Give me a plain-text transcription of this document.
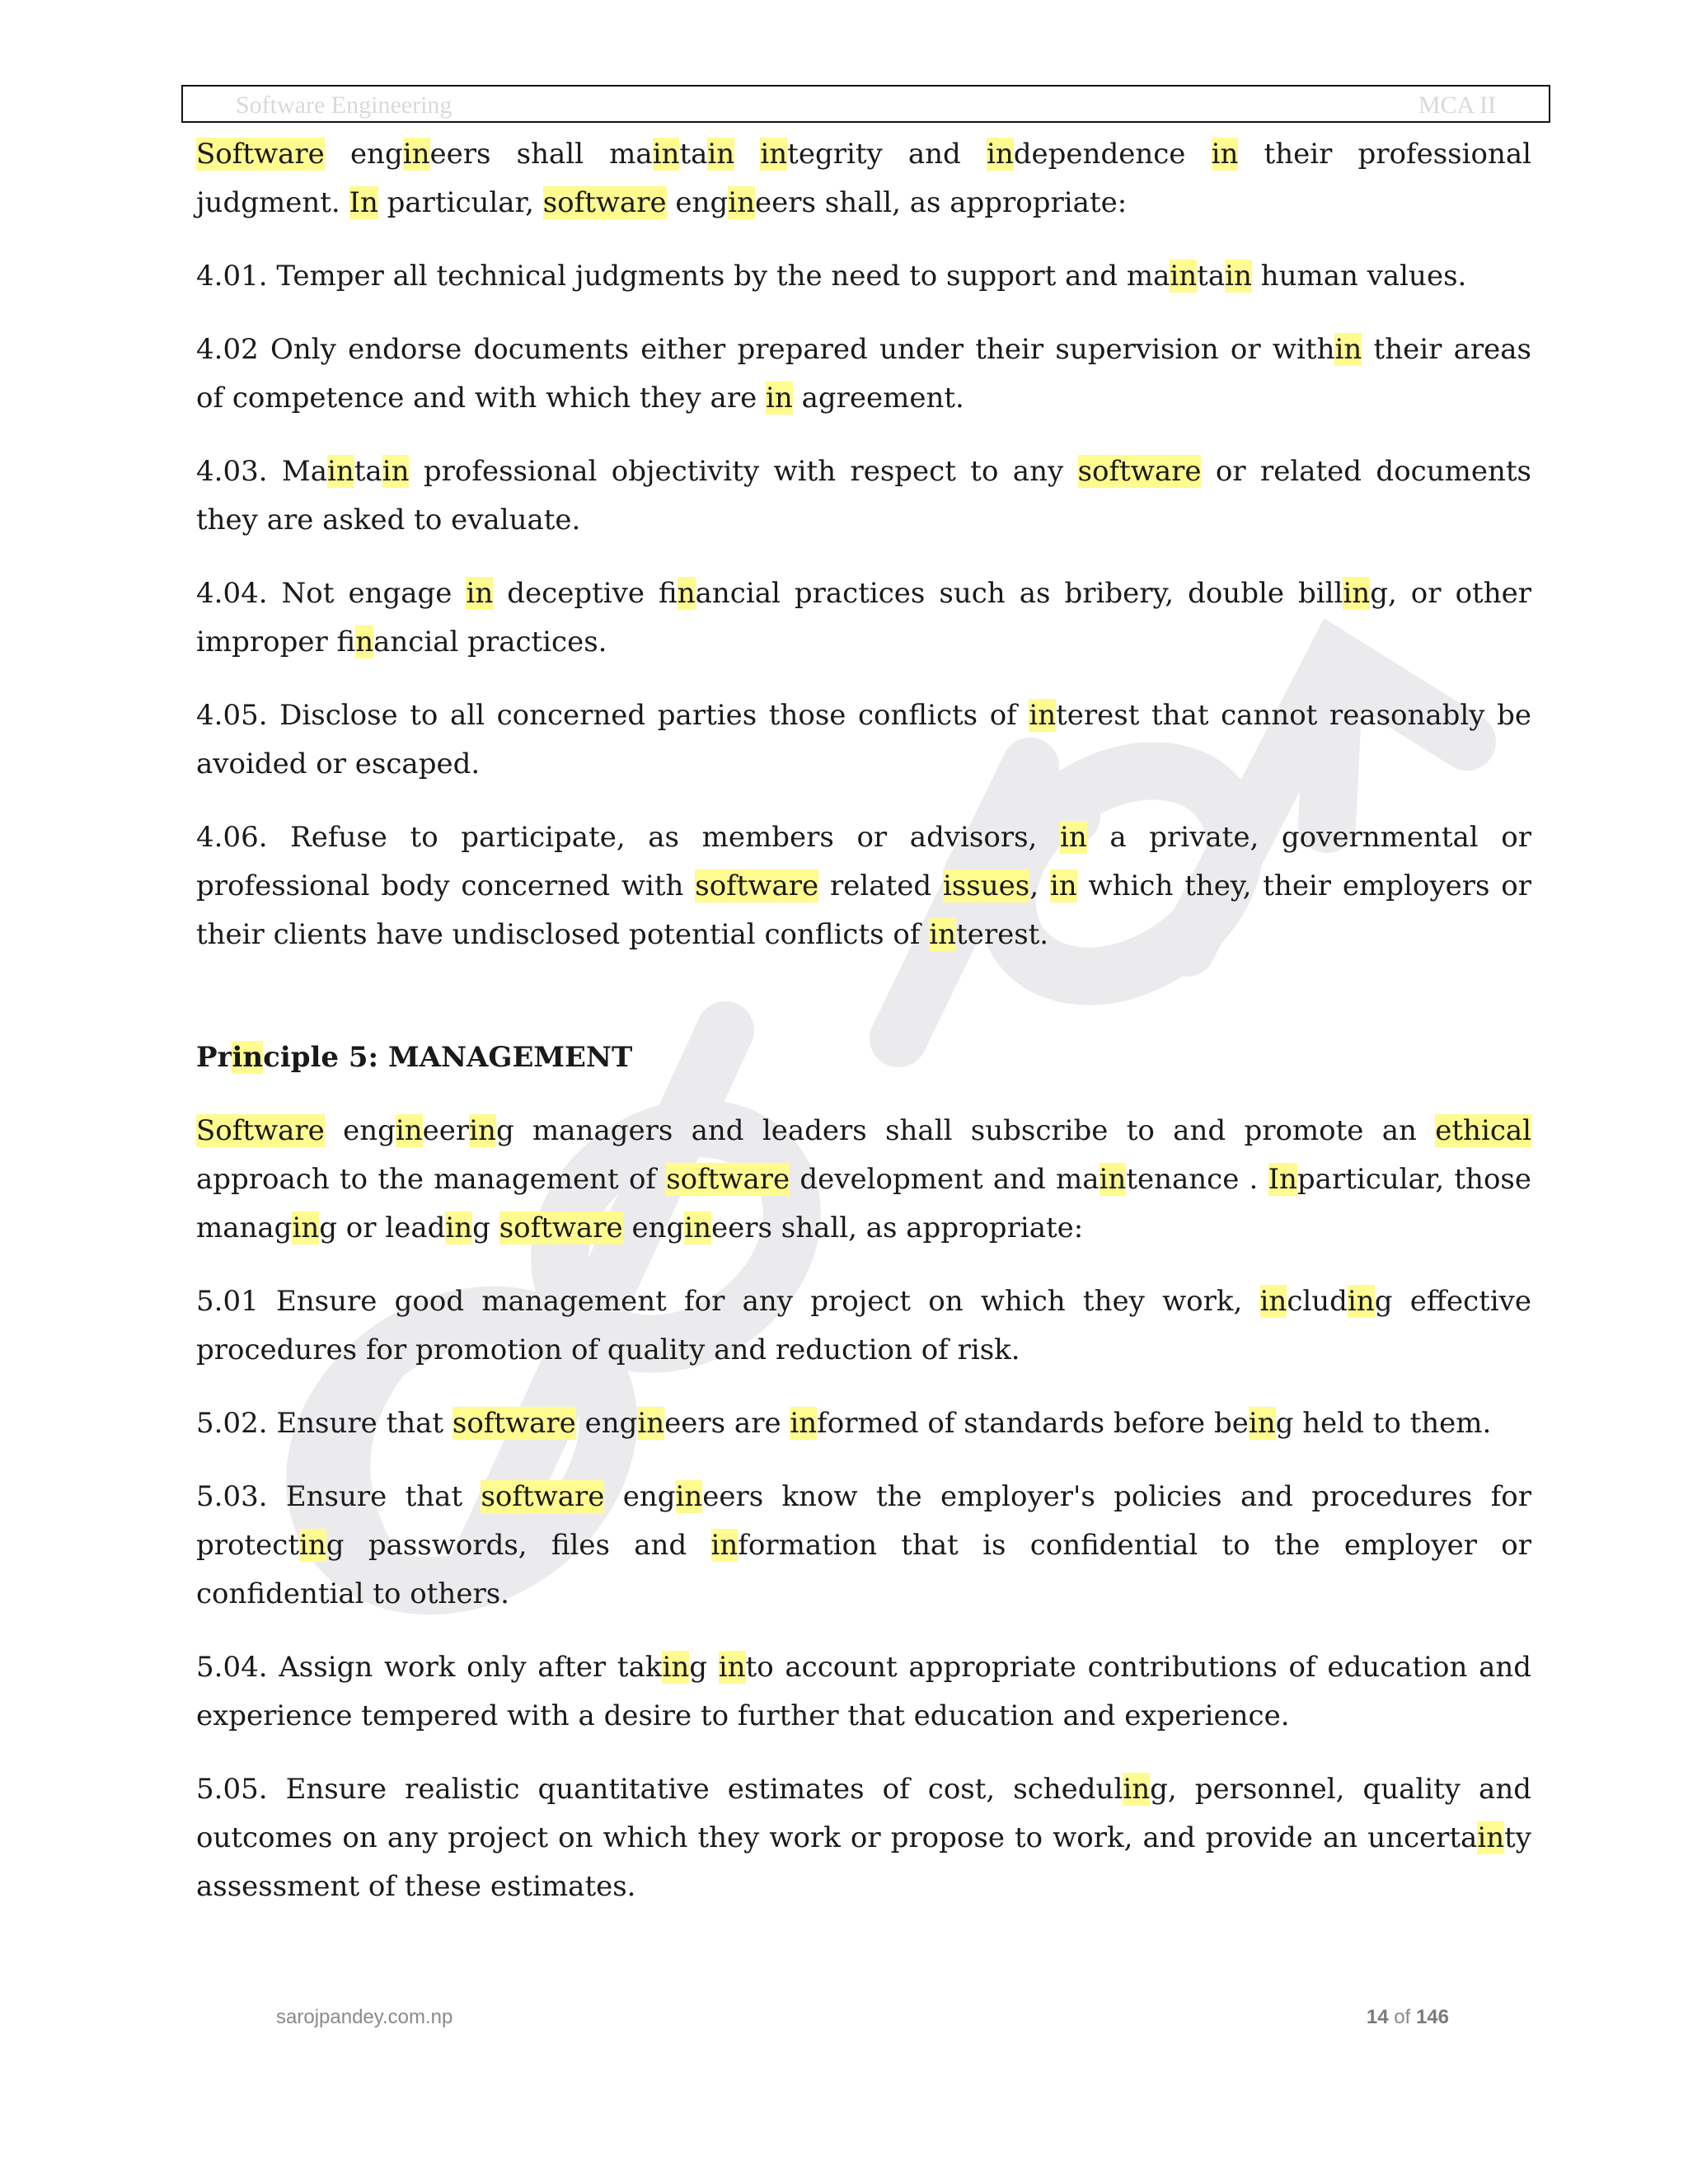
Software Engineering	MCA II

Software engineers shall maintain integrity and independence in their professional judgment. In particular, software engineers shall, as appropriate:

4.01. Temper all technical judgments by the need to support and maintain human values.

4.02 Only endorse documents either prepared under their supervision or within their areas of competence and with which they are in agreement.

4.03. Maintain professional objectivity with respect to any software or related documents they are asked to evaluate.

4.04. Not engage in deceptive financial practices such as bribery, double billing, or other improper financial practices.

4.05. Disclose to all concerned parties those conflicts of interest that cannot reasonably be avoided or escaped.

4.06. Refuse to participate, as members or advisors, in a private, governmental or professional body concerned with software related issues, in which they, their employers or their clients have undisclosed potential conflicts of interest.

Principle 5: MANAGEMENT

Software engineering managers and leaders shall subscribe to and promote an ethical approach to the management of software development and maintenance . Inparticular, those managing or leading software engineers shall, as appropriate:

5.01 Ensure good management for any project on which they work, including effective procedures for promotion of quality and reduction of risk.

5.02. Ensure that software engineers are informed of standards before being held to them.

5.03. Ensure that software engineers know the employer's policies and procedures for protecting passwords, files and information that is confidential to the employer or confidential to others.

5.04. Assign work only after taking into account appropriate contributions of education and experience tempered with a desire to further that education and experience.

5.05. Ensure realistic quantitative estimates of cost, scheduling, personnel, quality and outcomes on any project on which they work or propose to work, and provide an uncertainty assessment of these estimates.

sarojpandey.com.np	14 of 146
